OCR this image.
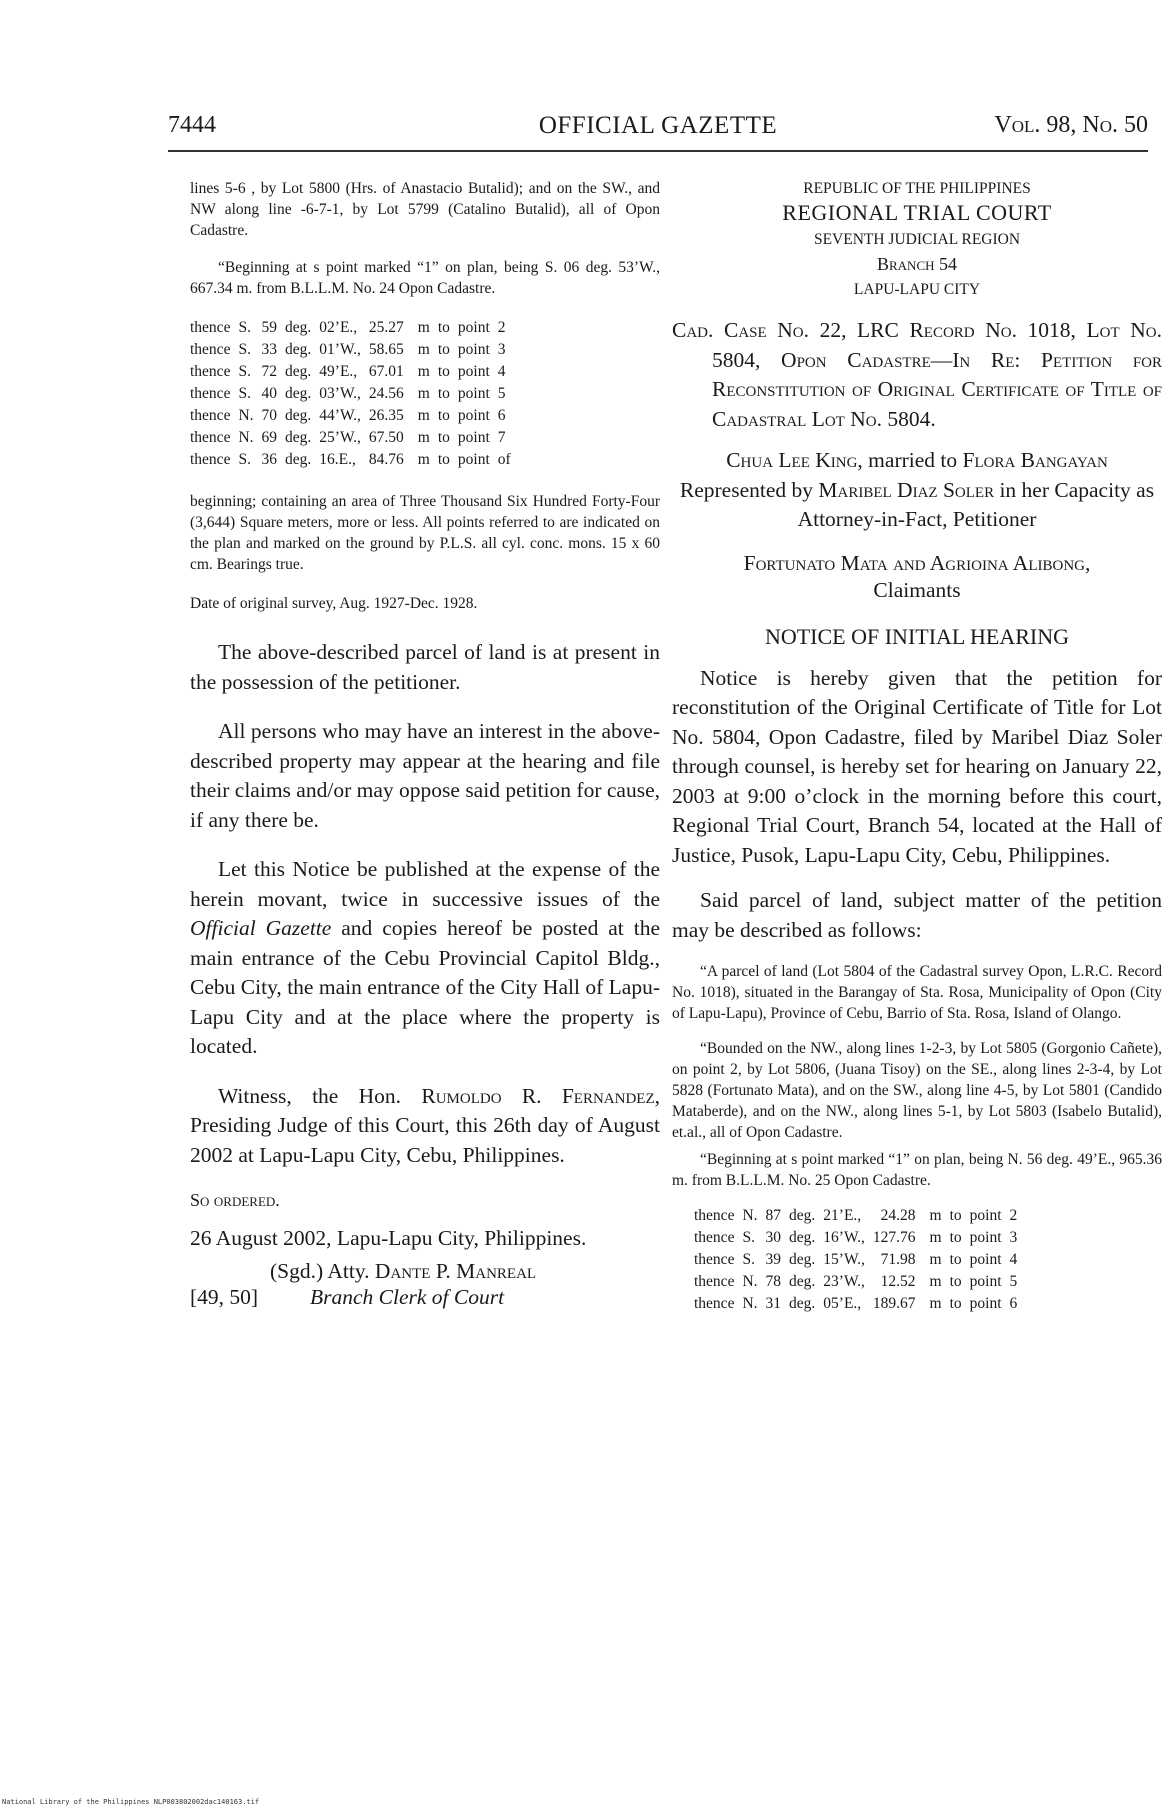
7444	OFFICIAL GAZETTE	Vol. 98, No. 50

lines 5-6 , by Lot 5800 (Hrs. of Anastacio Butalid); and on the SW., and NW along line -6-7-1, by Lot 5799 (Catalino Butalid), all of Opon Cadastre.

“Beginning at s point marked “1” on plan, being S. 06 deg. 53’W., 667.34 m. from B.L.L.M. No. 24 Opon Cadastre.

thence	S.	59	deg.	02’E.,	25.27	m	to	point	2
thence	S.	33	deg.	01’W.,	58.65	m	to	point	3
thence	S.	72	deg.	49’E.,	67.01	m	to	point	4
thence	S.	40	deg.	03’W.,	24.56	m	to	point	5
thence	N.	70	deg.	44’W.,	26.35	m	to	point	6
thence	N.	69	deg.	25’W.,	67.50	m	to	point	7
thence	S.	36	deg.	16.E.,	84.76	m	to	point	of

beginning; containing an area of Three Thousand Six Hundred Forty-Four (3,644) Square meters, more or less. All points referred to are indicated on the plan and marked on the ground by P.L.S. all cyl. conc. mons. 15 x 60 cm. Bearings true.

Date of original survey, Aug. 1927-Dec. 1928.

The above-described parcel of land is at present in the possession of the petitioner.

All persons who may have an interest in the above-described property may appear at the hearing and file their claims and/or may oppose said petition for cause, if any there be.

Let this Notice be published at the expense of the herein movant, twice in successive issues of the Official Gazette and copies hereof be posted at the main entrance of the Cebu Provincial Capitol Bldg., Cebu City, the main entrance of the City Hall of Lapu-Lapu City and at the place where the property is located.

Witness, the Hon. Rumoldo R. Fernandez, Presiding Judge of this Court, this 26th day of August 2002 at Lapu-Lapu City, Cebu, Philippines.

So ordered.

26 August 2002, Lapu-Lapu City, Philippines.

(Sgd.) Atty. Dante P. Manreal
[49, 50] Branch Clerk of Court
REPUBLIC OF THE PHILIPPINES
REGIONAL TRIAL COURT
SEVENTH JUDICIAL REGION
Branch 54
LAPU-LAPU CITY

Cad. Case No. 22, LRC Record No. 1018, Lot No. 5804, Opon Cadastre—In Re: Petition for Reconstitution of Original Certificate of Title of Cadastral Lot No. 5804.

Chua Lee King, married to Flora Bangayan Represented by Maribel Diaz Soler in her Capacity as Attorney-in-Fact, Petitioner

Fortunato Mata and Agrioina Alibong,

Claimants

NOTICE OF INITIAL HEARING

Notice is hereby given that the petition for reconstitution of the Original Certificate of Title for Lot No. 5804, Opon Cadastre, filed by Maribel Diaz Soler through counsel, is hereby set for hearing on January 22, 2003 at 9:00 o’clock in the morning before this court, Regional Trial Court, Branch 54, located at the Hall of Justice, Pusok, Lapu-Lapu City, Cebu, Philippines.

Said parcel of land, subject matter of the petition may be described as follows:

“A parcel of land (Lot 5804 of the Cadastral survey Opon, L.R.C. Record No. 1018), situated in the Barangay of Sta. Rosa, Municipality of Opon (City of Lapu-Lapu), Province of Cebu, Barrio of Sta. Rosa, Island of Olango.

“Bounded on the NW., along lines 1-2-3, by Lot 5805 (Gorgonio Cañete), on point 2, by Lot 5806, (Juana Tisoy) on the SE., along lines 2-3-4, by Lot 5828 (Fortunato Mata), and on the SW., along line 4-5, by Lot 5801 (Candido Mataberde), and on the NW., along lines 5-1, by Lot 5803 (Isabelo Butalid), et.al., all of Opon Cadastre.

“Beginning at s point marked “1” on plan, being N. 56 deg. 49’E., 965.36 m. from B.L.L.M. No. 25 Opon Cadastre.

thence	N.	87	deg.	21’E.,	24.28	m	to	point	2
thence	S.	30	deg.	16’W.,	127.76	m	to	point	3
thence	S.	39	deg.	15’W.,	71.98	m	to	point	4
thence	N.	78	deg.	23’W.,	12.52	m	to	point	5
thence	N.	31	deg.	05’E.,	189.67	m	to	point	6
National Library of the Philippines NLP003802002dac140163.tif
